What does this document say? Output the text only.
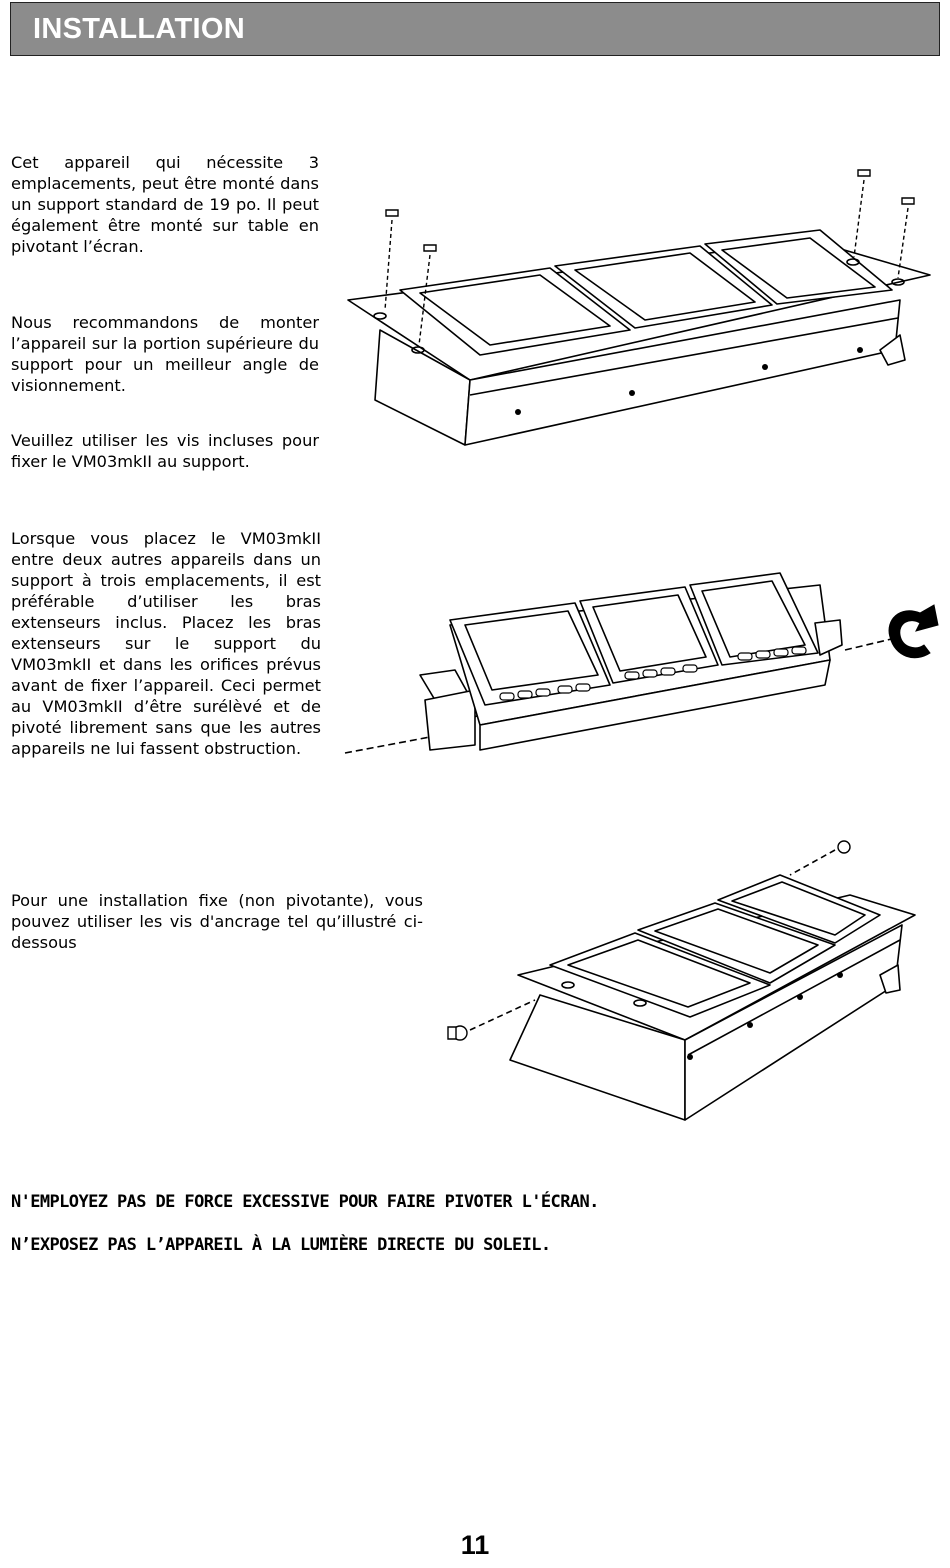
INSTALLATION
Cet appareil qui nécessite 3 emplacements, peut être monté dans un support standard de 19 po. Il peut également être monté sur table en pivotant l’écran.
Nous recommandons de monter l’appareil sur la portion supérieure du support pour un meilleur angle de visionnement.
Veuillez utiliser les vis incluses pour fixer le VM03mkII au support.
Lorsque vous placez le VM03mkII entre deux autres appareils dans un support à trois emplacements, il est préférable d’utiliser les bras extenseurs inclus. Placez les bras extenseurs sur le support du VM03mkII et dans les orifices prévus avant de fixer l’appareil. Ceci permet au VM03mkII d’être surélèvé et de pivoté librement sans que les autres appareils ne lui fassent obstruction.
Pour une installation fixe (non pivotante), vous pouvez utiliser les vis d'ancrage tel qu’illustré ci-dessous
N'EMPLOYEZ PAS DE FORCE EXCESSIVE POUR FAIRE PIVOTER L'ÉCRAN.
N’EXPOSEZ PAS L’APPAREIL À LA LUMIÈRE DIRECTE DU SOLEIL.
11
